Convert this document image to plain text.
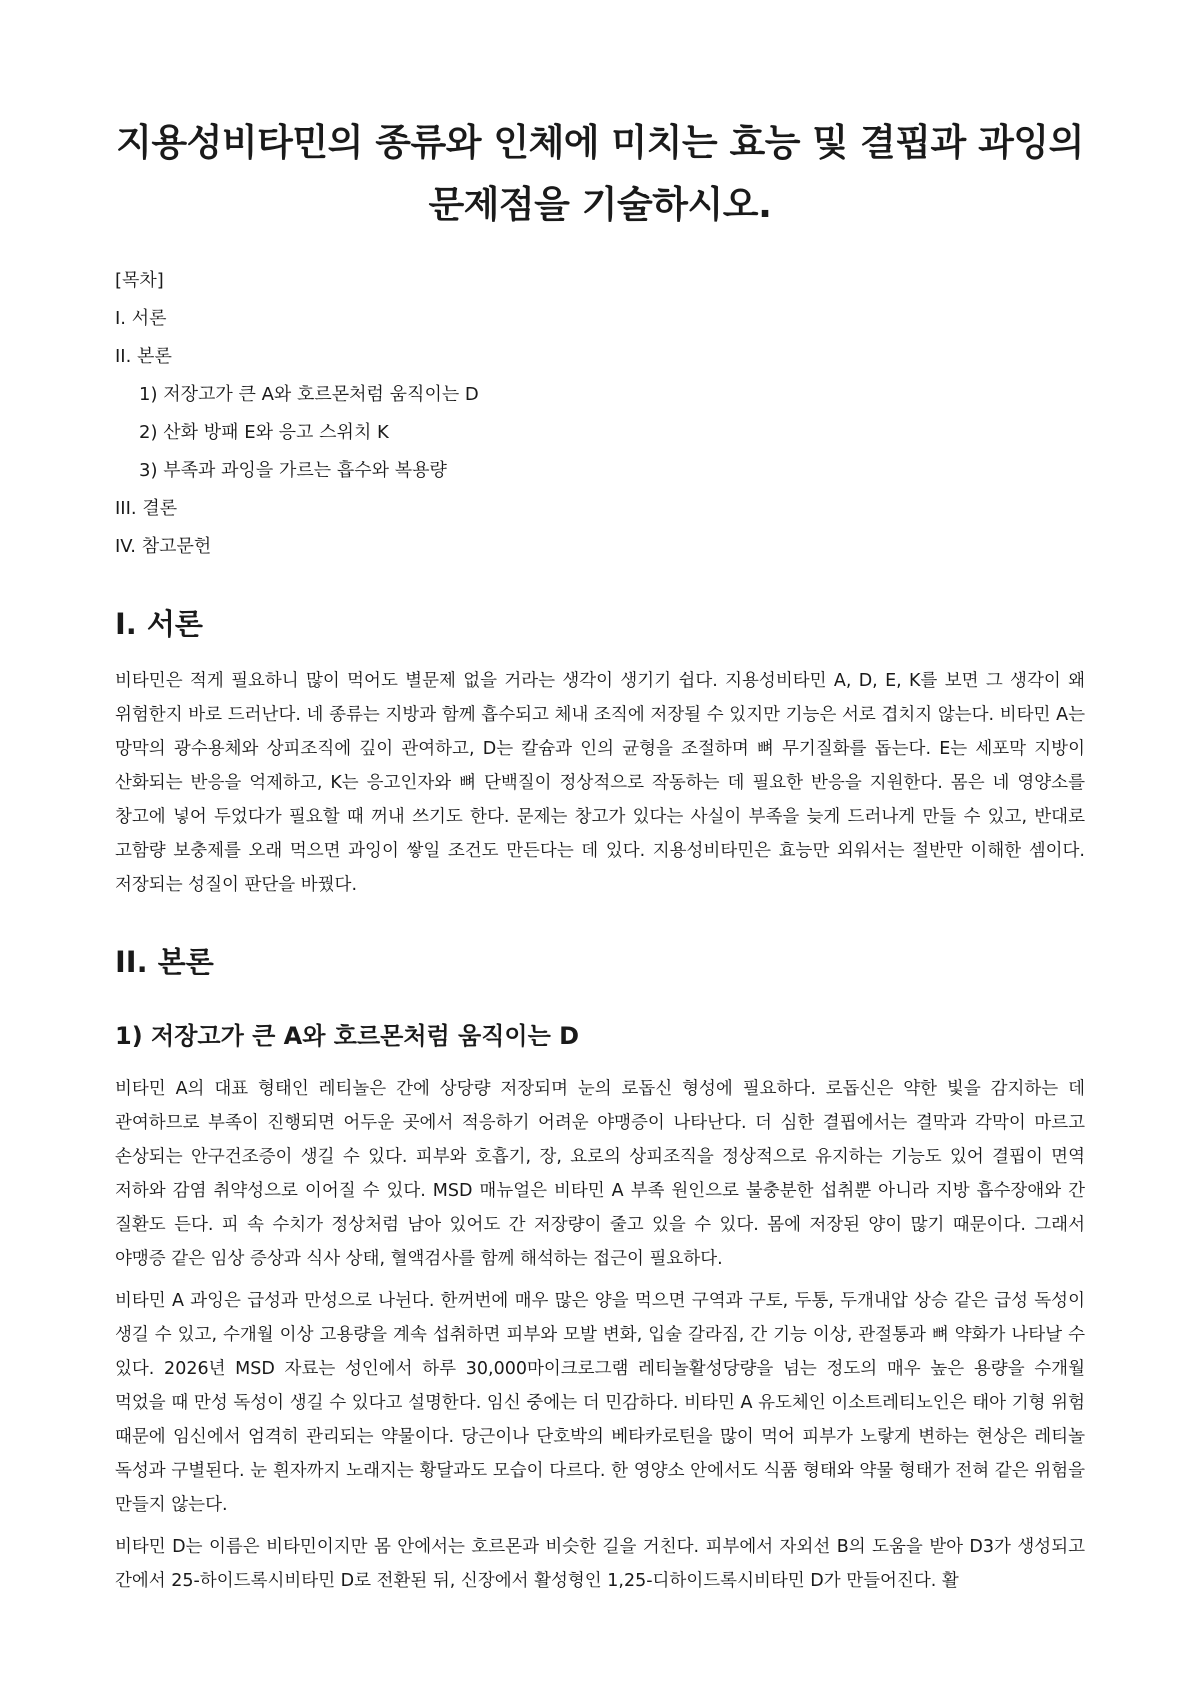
지용성비타민의 종류와 인체에 미치는 효능 및 결핍과 과잉의 문제점을 기술하시오.
[목차]
I. 서론
II. 본론
1) 저장고가 큰 A와 호르몬처럼 움직이는 D
2) 산화 방패 E와 응고 스위치 K
3) 부족과 과잉을 가르는 흡수와 복용량
III. 결론
IV. 참고문헌
I. 서론

비타민은 적게 필요하니 많이 먹어도 별문제 없을 거라는 생각이 생기기 쉽다. 지용성비타민 A, D, E, K를 보면 그 생각이 왜 위험한지 바로 드러난다. 네 종류는 지방과 함께 흡수되고 체내 조직에 저장될 수 있지만 기능은 서로 겹치지 않는다. 비타민 A는 망막의 광수용체와 상피조직에 깊이 관여하고, D는 칼슘과 인의 균형을 조절하며 뼈 무기질화를 돕는다. E는 세포막 지방이 산화되는 반응을 억제하고, K는 응고인자와 뼈 단백질이 정상적으로 작동하는 데 필요한 반응을 지원한다. 몸은 네 영양소를 창고에 넣어 두었다가 필요할 때 꺼내 쓰기도 한다. 문제는 창고가 있다는 사실이 부족을 늦게 드러나게 만들 수 있고, 반대로 고함량 보충제를 오래 먹으면 과잉이 쌓일 조건도 만든다는 데 있다. 지용성비타민은 효능만 외워서는 절반만 이해한 셈이다. 저장되는 성질이 판단을 바꿨다.

II. 본론
1) 저장고가 큰 A와 호르몬처럼 움직이는 D

비타민 A의 대표 형태인 레티놀은 간에 상당량 저장되며 눈의 로돕신 형성에 필요하다. 로돕신은 약한 빛을 감지하는 데 관여하므로 부족이 진행되면 어두운 곳에서 적응하기 어려운 야맹증이 나타난다. 더 심한 결핍에서는 결막과 각막이 마르고 손상되는 안구건조증이 생길 수 있다. 피부와 호흡기, 장, 요로의 상피조직을 정상적으로 유지하는 기능도 있어 결핍이 면역 저하와 감염 취약성으로 이어질 수 있다. MSD 매뉴얼은 비타민 A 부족 원인으로 불충분한 섭취뿐 아니라 지방 흡수장애와 간 질환도 든다. 피 속 수치가 정상처럼 남아 있어도 간 저장량이 줄고 있을 수 있다. 몸에 저장된 양이 많기 때문이다. 그래서 야맹증 같은 임상 증상과 식사 상태, 혈액검사를 함께 해석하는 접근이 필요하다.

비타민 A 과잉은 급성과 만성으로 나뉜다. 한꺼번에 매우 많은 양을 먹으면 구역과 구토, 두통, 두개내압 상승 같은 급성 독성이 생길 수 있고, 수개월 이상 고용량을 계속 섭취하면 피부와 모발 변화, 입술 갈라짐, 간 기능 이상, 관절통과 뼈 약화가 나타날 수 있다. 2026년 MSD 자료는 성인에서 하루 30,000마이크로그램 레티놀활성당량을 넘는 정도의 매우 높은 용량을 수개월 먹었을 때 만성 독성이 생길 수 있다고 설명한다. 임신 중에는 더 민감하다. 비타민 A 유도체인 이소트레티노인은 태아 기형 위험 때문에 임신에서 엄격히 관리되는 약물이다. 당근이나 단호박의 베타카로틴을 많이 먹어 피부가 노랗게 변하는 현상은 레티놀 독성과 구별된다. 눈 흰자까지 노래지는 황달과도 모습이 다르다. 한 영양소 안에서도 식품 형태와 약물 형태가 전혀 같은 위험을 만들지 않는다.

비타민 D는 이름은 비타민이지만 몸 안에서는 호르몬과 비슷한 길을 거친다. 피부에서 자외선 B의 도움을 받아 D3가 생성되고 간에서 25-하이드록시비타민 D로 전환된 뒤, 신장에서 활성형인 1,25-디하이드록시비타민 D가 만들어진다. 활
